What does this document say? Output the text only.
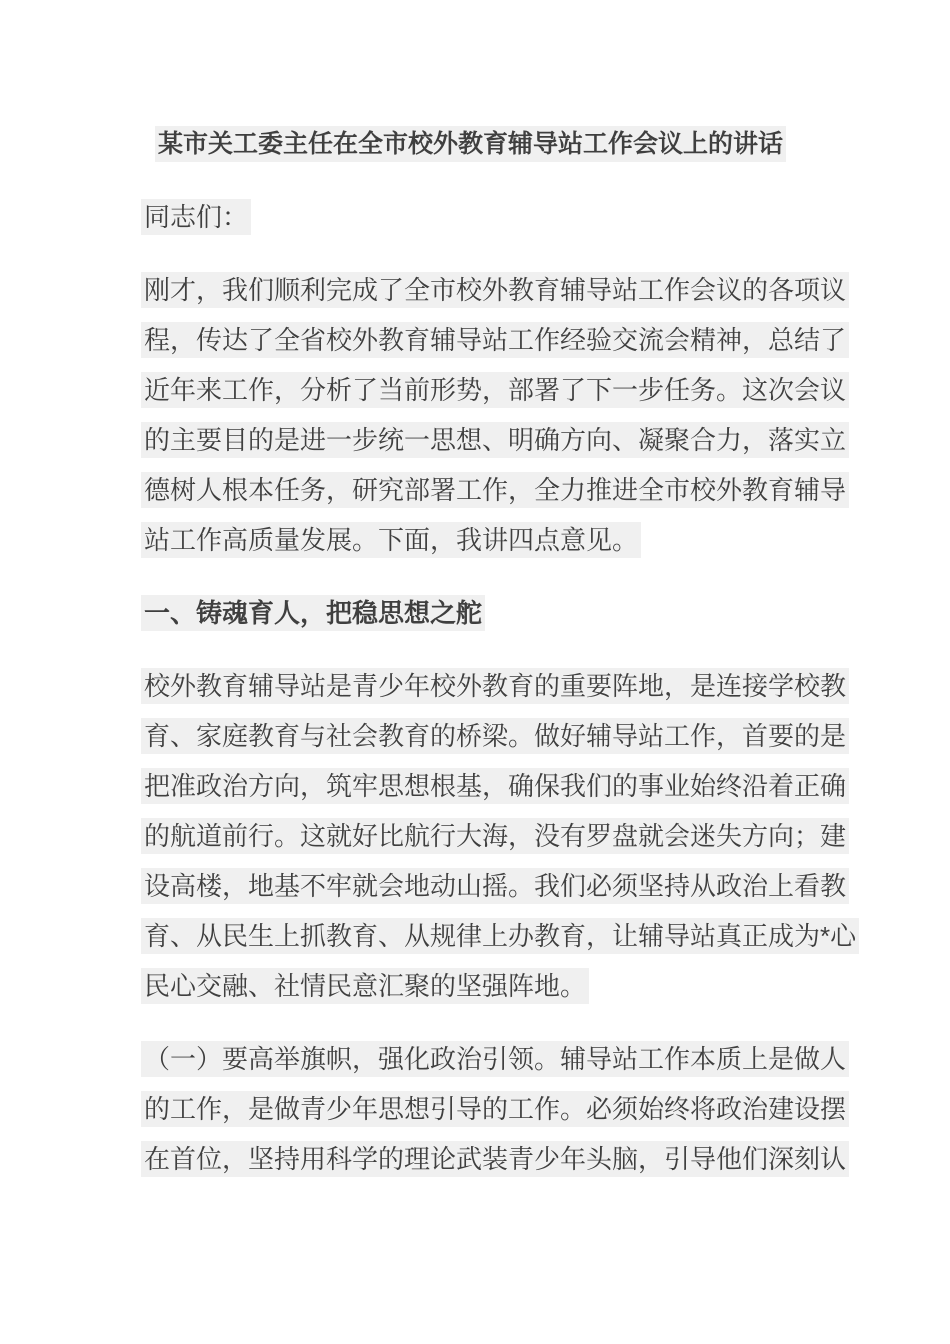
某市关工委主任在全市校外教育辅导站工作会议上的讲话
同志们：
刚才，我们顺利完成了全市校外教育辅导站工作会议的各项议
程，传达了全省校外教育辅导站工作经验交流会精神，总结了
近年来工作，分析了当前形势，部署了下一步任务。这次会议
的主要目的是进一步统一思想、明确方向、凝聚合力，落实立
德树人根本任务，研究部署工作，全力推进全市校外教育辅导
站工作高质量发展。下面，我讲四点意见。
一、铸魂育人，把稳思想之舵
校外教育辅导站是青少年校外教育的重要阵地，是连接学校教
育、家庭教育与社会教育的桥梁。做好辅导站工作，首要的是
把准政治方向，筑牢思想根基，确保我们的事业始终沿着正确
的航道前行。这就好比航行大海，没有罗盘就会迷失方向；建
设高楼，地基不牢就会地动山摇。我们必须坚持从政治上看教
育、从民生上抓教育、从规律上办教育，让辅导站真正成为*心
民心交融、社情民意汇聚的坚强阵地。
（一）要高举旗帜，强化政治引领。辅导站工作本质上是做人
的工作，是做青少年思想引导的工作。必须始终将政治建设摆
在首位，坚持用科学的理论武装青少年头脑，引导他们深刻认
